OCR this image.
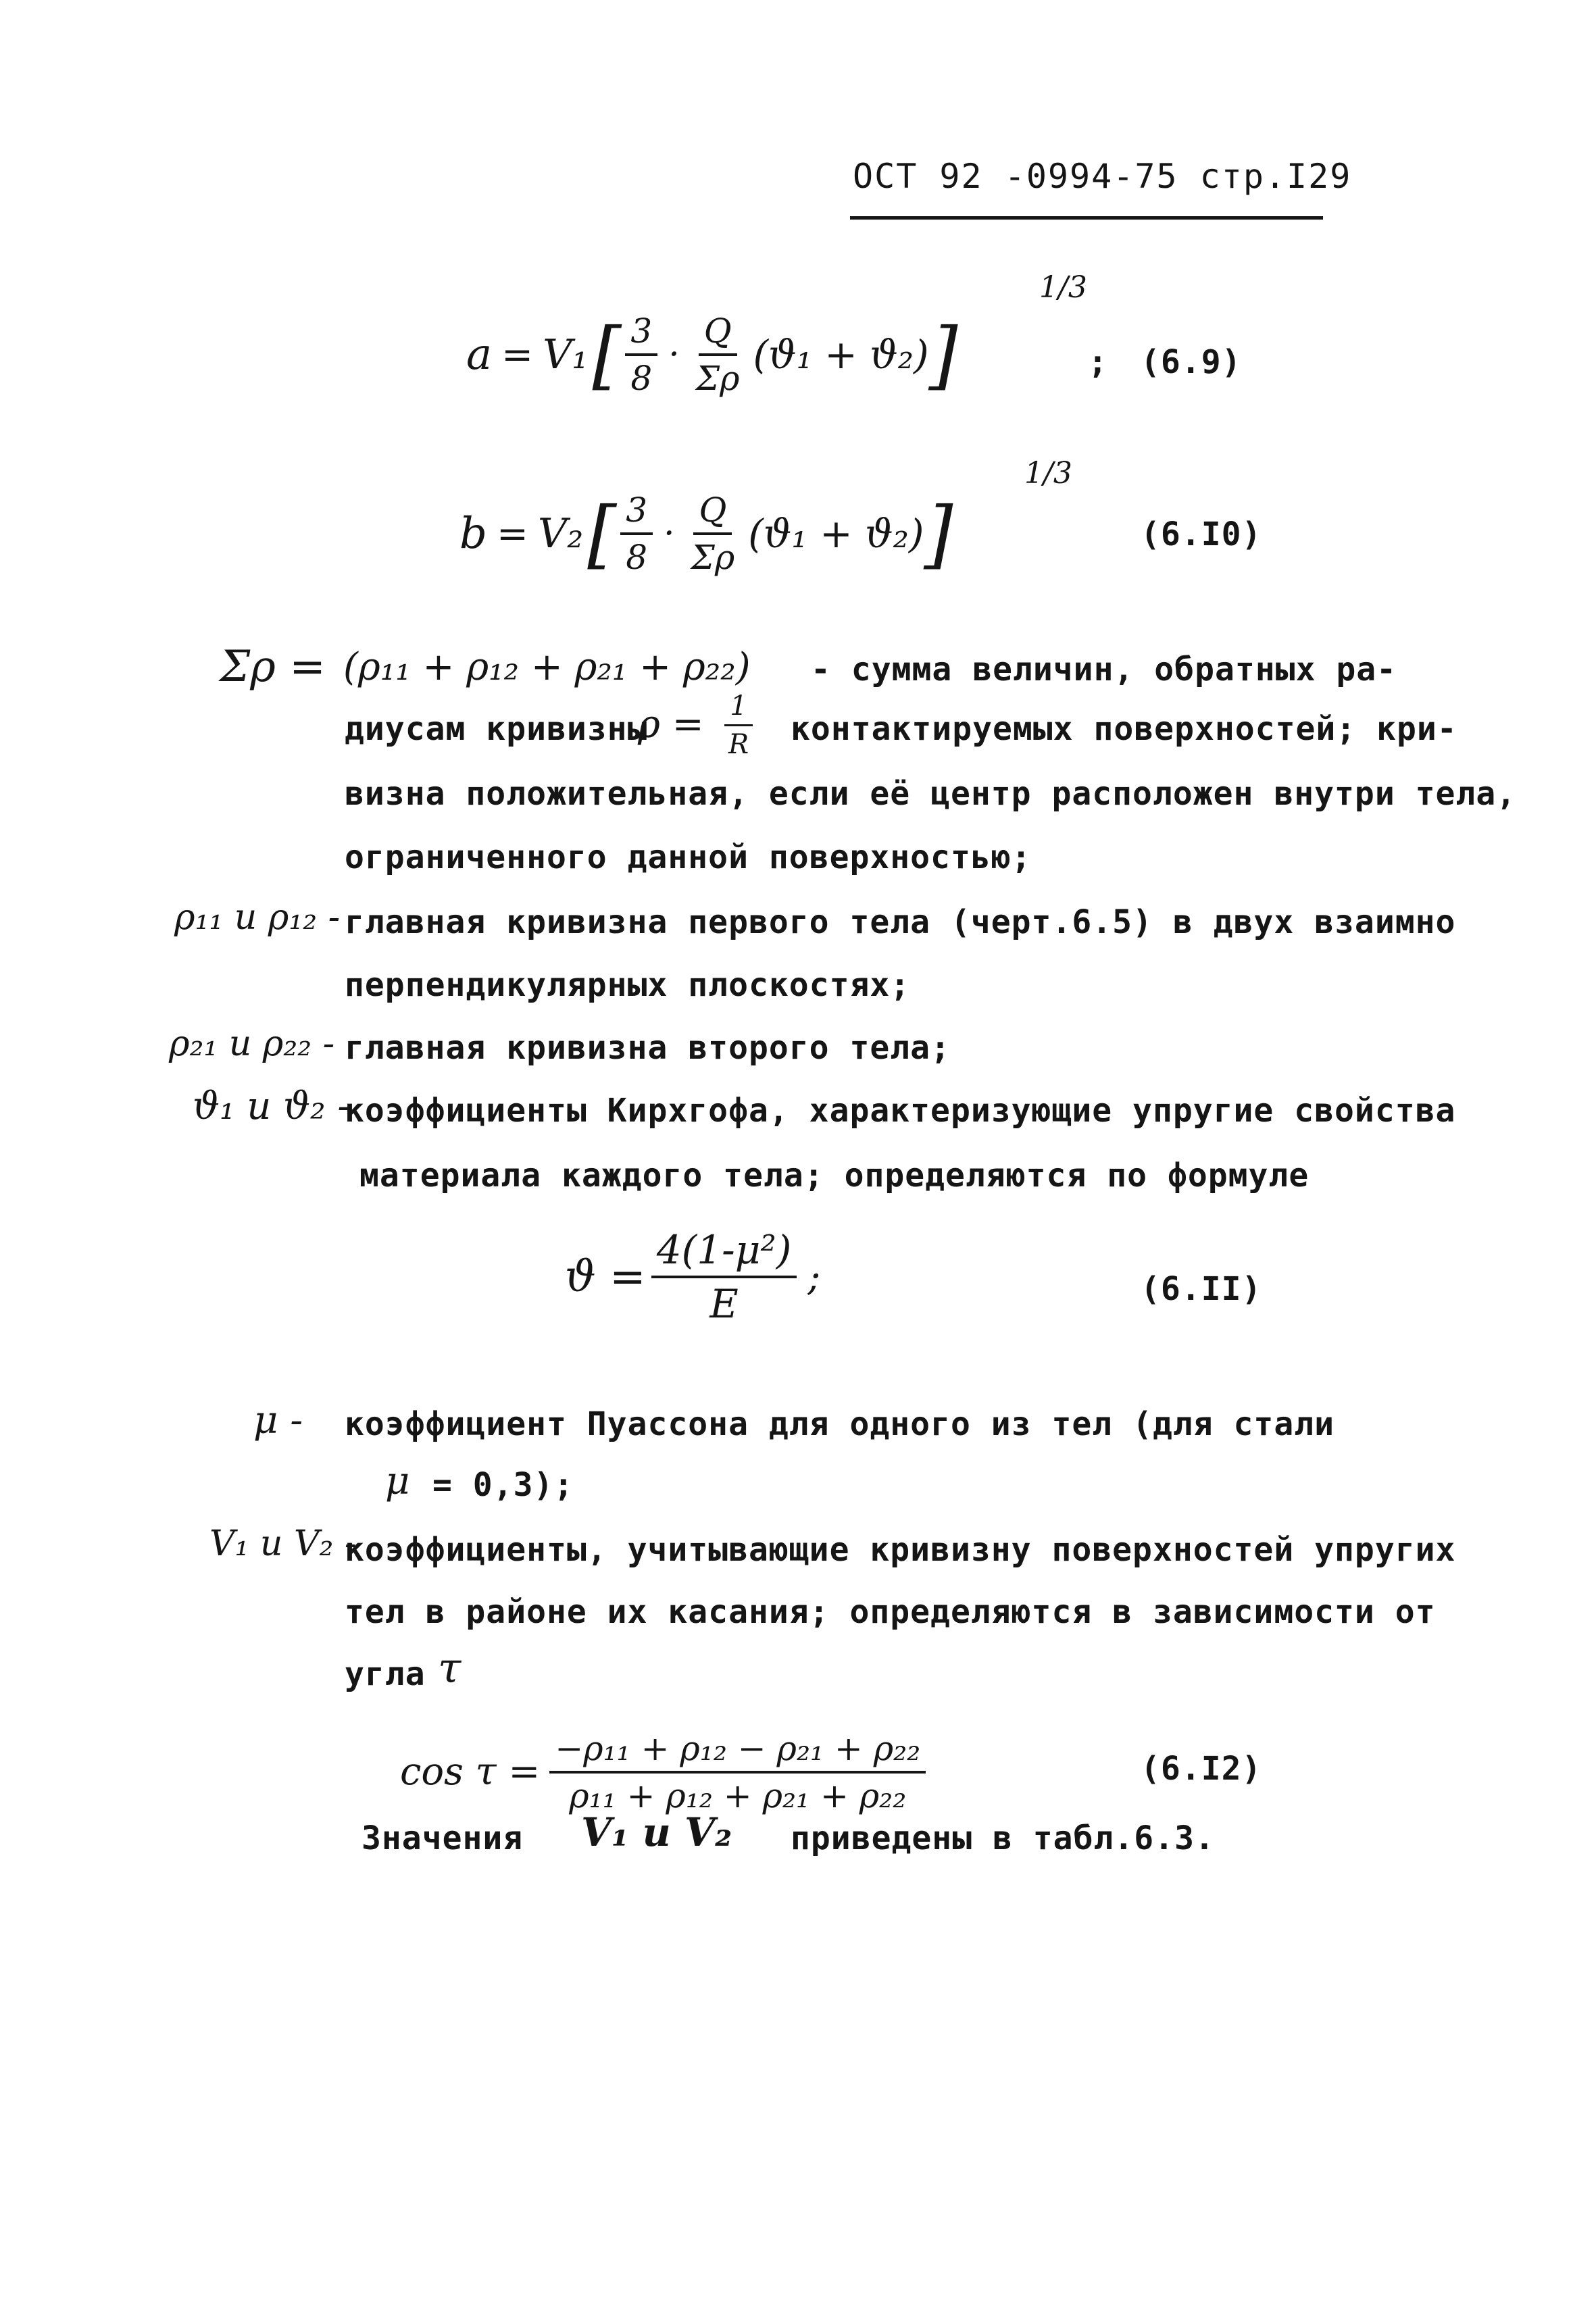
ОСТ 92 -0994-75 стр.I29
a = V₁ [ $\frac{3}{8} \cdot \frac{Q}{\Sigma\rho} (ϑ_1 + ϑ_2)$ ]
1/3
; (6.9)
b = V₂ [ $\frac{3}{8} \cdot \frac{Q}{\Sigma\rho} (ϑ_1 + ϑ_2)$ ]
1/3
(6.I0)
Σρ = (ρ₁₁ + ρ₁₂ + ρ₂₁ + ρ₂₂) - сумма величин, обратных ра-
диусам кривизны
$\rho = \frac{1}{R}$ контактируемых поверхностей; кри-
визна положительная, если её центр расположен внутри тела,
ограниченного данной поверхностью;
ρ₁₁ и ρ₁₂ - главная кривизна первого тела (черт.6.5) в двух взаимно
перпендикулярных плоскостях;
ρ₂₁ и ρ₂₂ - главная кривизна второго тела;
ϑ₁ и ϑ₂ -
коэффициенты Кирхгофа, характеризующие упругие свойства
материала каждого тела; определяются по формуле
$ϑ = \frac{\text{4(1-μ²)}}{E}$ ;	(6.II)
μ - коэффициент Пуассона для одного из тел (для стали
μ = 0,3);
V₁ и V₂ -
коэффициенты, учитывающие кривизну поверхностей упругих
тел в районе их касания; определяются в зависимости от
угла τ
$\cos \tau = \frac{\text{−ρ₁₁ + ρ₁₂ − ρ₂₁ + ρ₂₂}}{\text{ρ₁₁ + ρ₁₂ + ρ₂₁ + ρ₂₂}}$	(6.I2)
Значения V₁ и V₂ приведены в табл.6.3.
